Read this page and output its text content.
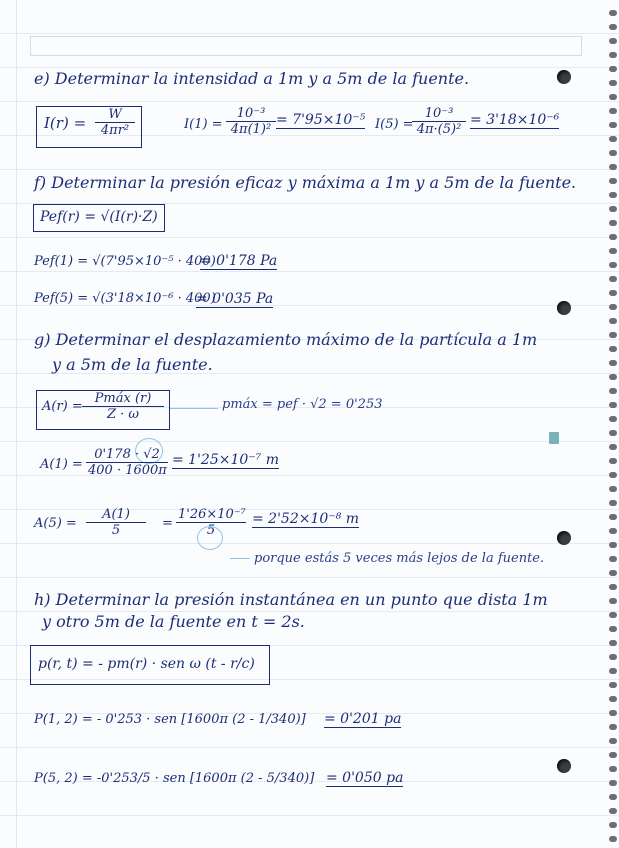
e) Determinar la intensidad a 1m y a 5m de la fuente.
$I(r) = \frac{W}{\text{4πr²}}$	$I(1) = \frac{\text{10⁻³}}{\text{4π(1)²}} = 7'95\times 10^{-5}$ I(5) =
$\frac{\text{10⁻³}}{\text{4π·(5)²}} = 3'18\times 10^{-6}$
f) Determinar la presión eficaz y máxima a 1m y a 5m de la fuente.
Pef(r) = √(I(r)·Z)
Pef(1) = √(7'95×10⁻⁵ · 400)
= 0'178 Pa
Pef(5) = √(3'18×10⁻⁶ · 400)
= 0'035 Pa
g) Determinar el desplazamiento máximo de la partícula a 1m
y a 5m de la fuente.
A(r) =
Pmáx (r)
Z · ω
pmáx = pef · √2 = 0'253
$A(1) = \frac{0'178 \cdot √2}{400 \cdot 1600\pi} = 1'25\times 10^{-7}$ m
$A(5) = \frac{A(1)}{5} = \frac{\text{1'26×10⁻⁷}}{5} = 2'52\times 10^{-8}$ m
porque estás 5 veces más lejos de la fuente.
h) Determinar la presión instantánea en un punto que dista 1m
y otro 5m de la fuente en t = 2s.
p(r, t) = - pm(r) · sen ω (t - r/c)
P(1, 2) = - 0'253 · sen [1600π (2 - 1/340)] = 0'201 pa
P(5, 2) = -0'253/5 · sen [1600π (2 - 5/340)] = 0'050 pa
